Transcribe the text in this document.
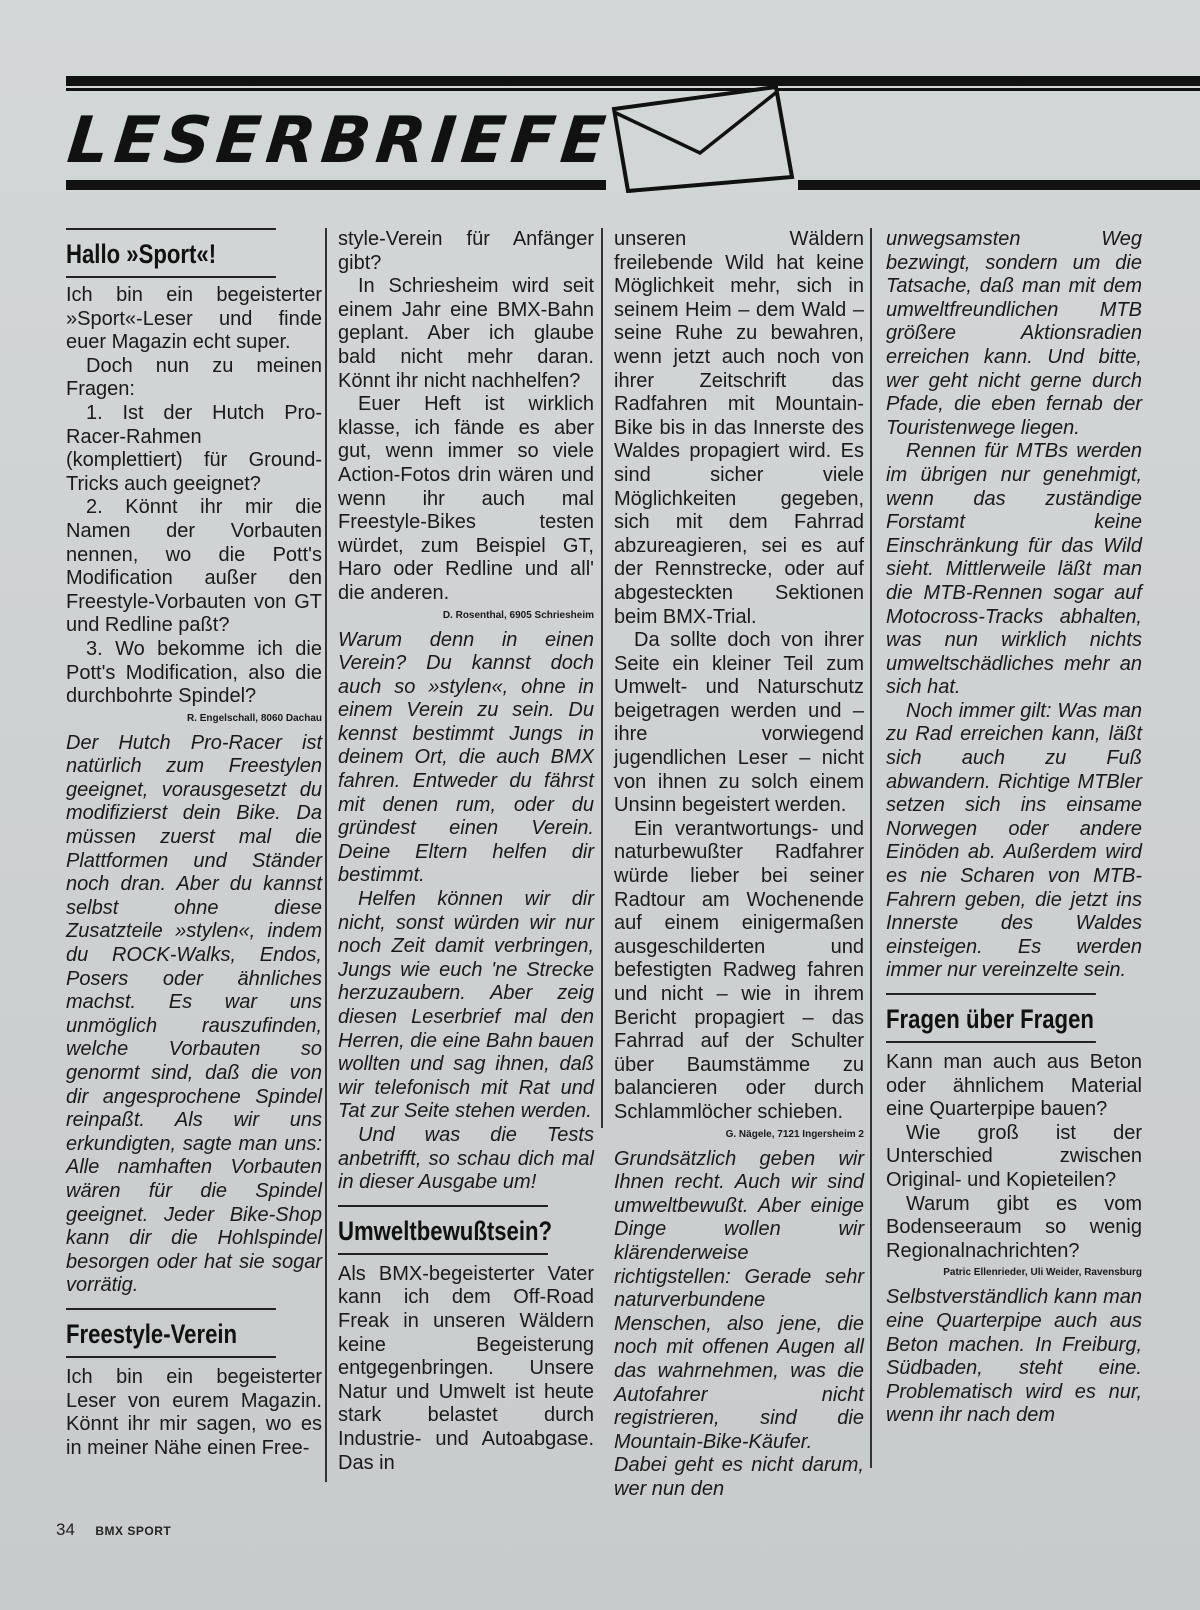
LESERBRIEFE
Hallo »Sport«!

Ich bin ein begeisterter »Sport«-Leser und finde euer Magazin echt super.

Doch nun zu meinen Fragen:

1. Ist der Hutch Pro-Racer-Rahmen (komplettiert) für Ground-Tricks auch geeignet?

2. Könnt ihr mir die Namen der Vorbauten nennen, wo die Pott's Modification außer den Freestyle-Vorbauten von GT und Redline paßt?

3. Wo bekomme ich die Pott's Modification, also die durchbohrte Spindel?

R. Engelschall, 8060 Dachau

Der Hutch Pro-Racer ist natürlich zum Freestylen geeignet, vorausgesetzt du modifizierst dein Bike. Da müssen zuerst mal die Plattformen und Ständer noch dran. Aber du kannst selbst ohne diese Zusatzteile »stylen«, indem du ROCK-Walks, Endos, Posers oder ähnliches machst. Es war uns unmöglich rauszufinden, welche Vorbauten so genormt sind, daß die von dir angesprochene Spindel reinpaßt. Als wir uns erkundigten, sagte man uns: Alle namhaften Vorbauten wären für die Spindel geeignet. Jeder Bike-Shop kann dir die Hohlspindel besorgen oder hat sie sogar vorrätig.

Freestyle-Verein

Ich bin ein begeisterter Leser von eurem Magazin. Könnt ihr mir sagen, wo es in meiner Nähe einen Free-

style-Verein für Anfänger gibt?

In Schriesheim wird seit einem Jahr eine BMX-Bahn geplant. Aber ich glaube bald nicht mehr daran. Könnt ihr nicht nachhelfen?

Euer Heft ist wirklich klasse, ich fände es aber gut, wenn immer so viele Action-Fotos drin wären und wenn ihr auch mal Freestyle-Bikes testen würdet, zum Beispiel GT, Haro oder Redline und all' die anderen.

D. Rosenthal, 6905 Schriesheim

Warum denn in einen Verein? Du kannst doch auch so »stylen«, ohne in einem Verein zu sein. Du kennst bestimmt Jungs in deinem Ort, die auch BMX fahren. Entweder du fährst mit denen rum, oder du gründest einen Verein. Deine Eltern helfen dir bestimmt.

Helfen können wir dir nicht, sonst würden wir nur noch Zeit damit verbringen, Jungs wie euch 'ne Strecke herzuzaubern. Aber zeig diesen Leserbrief mal den Herren, die eine Bahn bauen wollten und sag ihnen, daß wir telefonisch mit Rat und Tat zur Seite stehen werden.

Und was die Tests anbetrifft, so schau dich mal in dieser Ausgabe um!

Umweltbewußtsein?

Als BMX-begeisterter Vater kann ich dem Off-Road Freak in unseren Wäldern keine Begeisterung entgegenbringen. Unsere Natur und Umwelt ist heute stark belastet durch Industrie- und Autoabgase. Das in

unseren Wäldern freilebende Wild hat keine Möglichkeit mehr, sich in seinem Heim – dem Wald – seine Ruhe zu bewahren, wenn jetzt auch noch von ihrer Zeitschrift das Radfahren mit Mountain-Bike bis in das Innerste des Waldes propagiert wird. Es sind sicher viele Möglichkeiten gegeben, sich mit dem Fahrrad abzureagieren, sei es auf der Rennstrecke, oder auf abgesteckten Sektionen beim BMX-Trial.

Da sollte doch von ihrer Seite ein kleiner Teil zum Umwelt- und Naturschutz beigetragen werden und – ihre vorwiegend jugendlichen Leser – nicht von ihnen zu solch einem Unsinn begeistert werden.

Ein verantwortungs- und naturbewußter Radfahrer würde lieber bei seiner Radtour am Wochenende auf einem einigermaßen ausgeschilderten und befestigten Radweg fahren und nicht – wie in ihrem Bericht propagiert – das Fahrrad auf der Schulter über Baumstämme zu balancieren oder durch Schlammlöcher schieben.

G. Nägele, 7121 Ingersheim 2

Grundsätzlich geben wir Ihnen recht. Auch wir sind umweltbewußt. Aber einige Dinge wollen wir klärenderweise richtigstellen: Gerade sehr naturverbundene Menschen, also jene, die noch mit offenen Augen all das wahrnehmen, was die Autofahrer nicht registrieren, sind die Mountain-Bike-Käufer. Dabei geht es nicht darum, wer nun den

unwegsamsten Weg bezwingt, sondern um die Tatsache, daß man mit dem umweltfreundlichen MTB größere Aktionsradien erreichen kann. Und bitte, wer geht nicht gerne durch Pfade, die eben fernab der Touristenwege liegen.

Rennen für MTBs werden im übrigen nur genehmigt, wenn das zuständige Forstamt keine Einschränkung für das Wild sieht. Mittlerweile läßt man die MTB-Rennen sogar auf Motocross-Tracks abhalten, was nun wirklich nichts umweltschädliches mehr an sich hat.

Noch immer gilt: Was man zu Rad erreichen kann, läßt sich auch zu Fuß abwandern. Richtige MTBler setzen sich ins einsame Norwegen oder andere Einöden ab. Außerdem wird es nie Scharen von MTB-Fahrern geben, die jetzt ins Innerste des Waldes einsteigen. Es werden immer nur vereinzelte sein.

Fragen über Fragen

Kann man auch aus Beton oder ähnlichem Material eine Quarterpipe bauen?

Wie groß ist der Unterschied zwischen Original- und Kopieteilen?

Warum gibt es vom Bodenseeraum so wenig Regionalnachrichten?

Patric Ellenrieder, Uli Weider, Ravensburg

Selbstverständlich kann man eine Quarterpipe auch aus Beton machen. In Freiburg, Südbaden, steht eine. Problematisch wird es nur, wenn ihr nach dem

34 BMX SPORT
